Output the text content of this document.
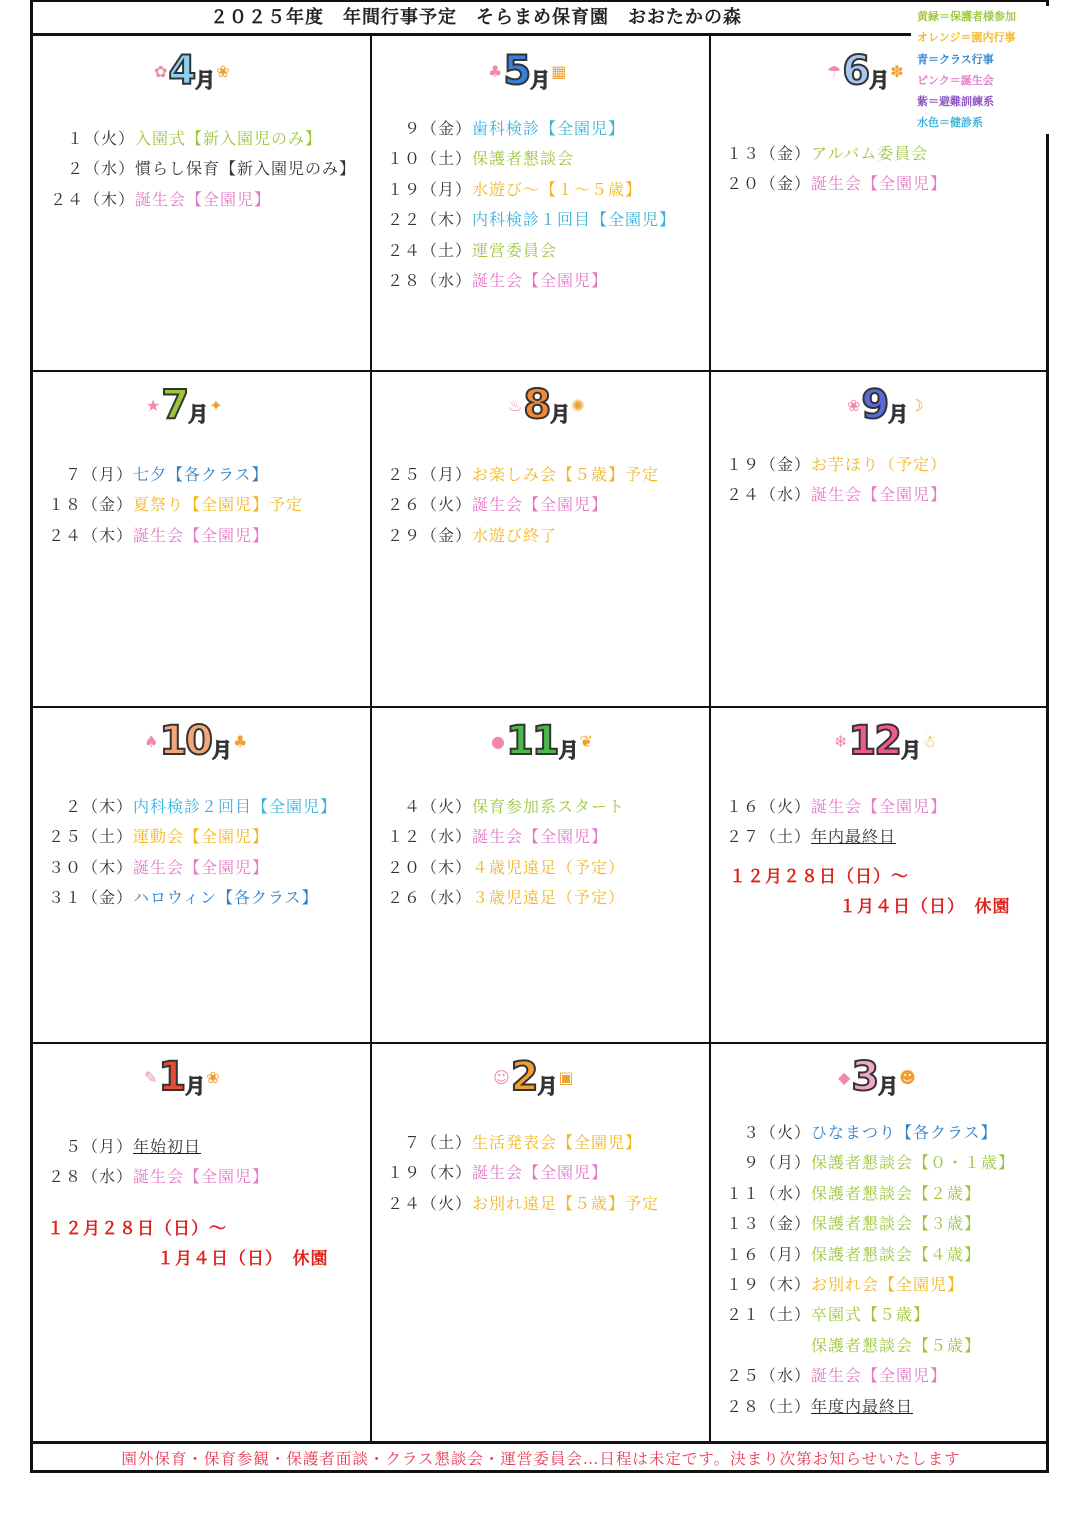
２０２５年度　年間行事予定　そらまめ保育園　おおたかの森	黄緑＝保護者様参加
オレンジ＝園内行事
青＝クラス行事
ピンク＝誕生会
紫＝避難訓練系
水色＝健診系
✿ 4 月 ❀
１（火）入園式【新入園児のみ】
２（水）慣らし保育【新入園児のみ】
２４（木）誕生会【全園児】
♣ 5 月 ▦
９（金）歯科検診【全園児】
１０（土）保護者懇談会
１９（月）水遊び～【１～５歳】
２２（木）内科検診１回目【全園児】
２４（土）運営委員会
２８（水）誕生会【全園児】
☂ 6 月 ✽
１３（金）アルバム委員会
２０（金）誕生会【全園児】
★ 7 月 ✦
７（月）七夕【各クラス】
１８（金）夏祭り【全園児】予定
２４（木）誕生会【全園児】
♨ 8 月 ✺
２５（月）お楽しみ会【５歳】予定
２６（火）誕生会【全園児】
２９（金）水遊び終了
❀ 9 月 ☽
１９（金）お芋ほり（予定）
２４（水）誕生会【全園児】
♠ 10 月 ♣
２（木）内科検診２回目【全園児】
２５（土）運動会【全園児】
３０（木）誕生会【全園児】
３１（金）ハロウィン【各クラス】
● 11 月 ❦
４（火）保育参加系スタート
１２（水）誕生会【全園児】
２０（木）４歳児遠足（予定）
２６（水）３歳児遠足（予定）
❄ 12 月 ☃
１６（火）誕生会【全園児】
２７（土）年内最終日
１２月２８日（日）～
１月４日（日）　休園
✎ 1 月 ❀
５（月）年始初日
２８（水）誕生会【全園児】
１２月２８日（日）～
１月４日（日）　休園
☺ 2 月 ▣
７（土）生活発表会【全園児】
１９（木）誕生会【全園児】
２４（火）お別れ遠足【５歳】予定
◆ 3 月 ☻
３（火）ひなまつり【各クラス】
９（月）保護者懇談会【０・１歳】
１１（水）保護者懇談会【２歳】
１３（金）保護者懇談会【３歳】
１６（月）保護者懇談会【４歳】
１９（木）お別れ会【全園児】
２１（土）卒園式【５歳】
保護者懇談会【５歳】
２５（水）誕生会【全園児】
２８（土）年度内最終日
園外保育・保育参観・保護者面談・クラス懇談会・運営委員会…日程は未定です。決まり次第お知らせいたします
